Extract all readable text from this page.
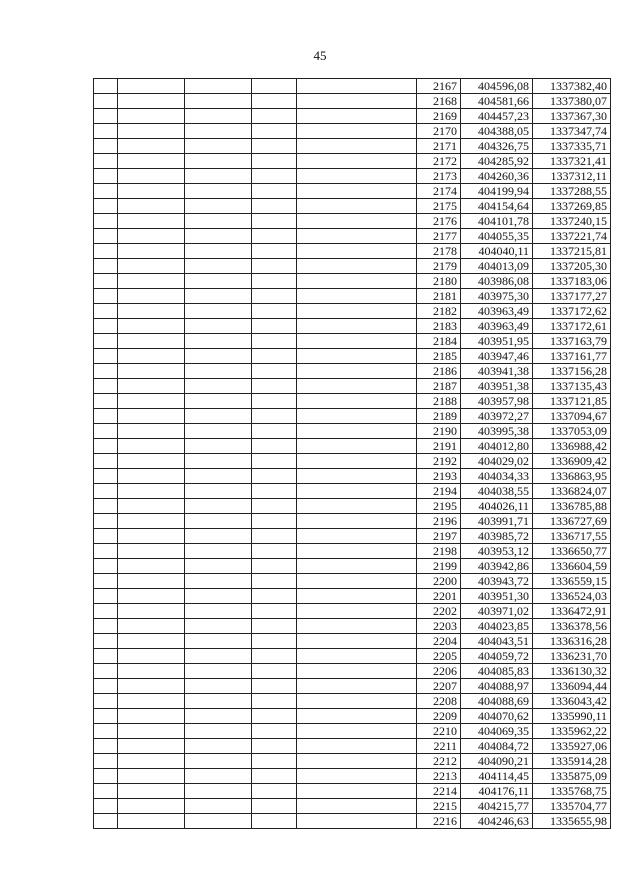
45
					2167	404596,08	1337382,40
					2168	404581,66	1337380,07
					2169	404457,23	1337367,30
					2170	404388,05	1337347,74
					2171	404326,75	1337335,71
					2172	404285,92	1337321,41
					2173	404260,36	1337312,11
					2174	404199,94	1337288,55
					2175	404154,64	1337269,85
					2176	404101,78	1337240,15
					2177	404055,35	1337221,74
					2178	404040,11	1337215,81
					2179	404013,09	1337205,30
					2180	403986,08	1337183,06
					2181	403975,30	1337177,27
					2182	403963,49	1337172,62
					2183	403963,49	1337172,61
					2184	403951,95	1337163,79
					2185	403947,46	1337161,77
					2186	403941,38	1337156,28
					2187	403951,38	1337135,43
					2188	403957,98	1337121,85
					2189	403972,27	1337094,67
					2190	403995,38	1337053,09
					2191	404012,80	1336988,42
					2192	404029,02	1336909,42
					2193	404034,33	1336863,95
					2194	404038,55	1336824,07
					2195	404026,11	1336785,88
					2196	403991,71	1336727,69
					2197	403985,72	1336717,55
					2198	403953,12	1336650,77
					2199	403942,86	1336604,59
					2200	403943,72	1336559,15
					2201	403951,30	1336524,03
					2202	403971,02	1336472,91
					2203	404023,85	1336378,56
					2204	404043,51	1336316,28
					2205	404059,72	1336231,70
					2206	404085,83	1336130,32
					2207	404088,97	1336094,44
					2208	404088,69	1336043,42
					2209	404070,62	1335990,11
					2210	404069,35	1335962,22
					2211	404084,72	1335927,06
					2212	404090,21	1335914,28
					2213	404114,45	1335875,09
					2214	404176,11	1335768,75
					2215	404215,77	1335704,77
					2216	404246,63	1335655,98
